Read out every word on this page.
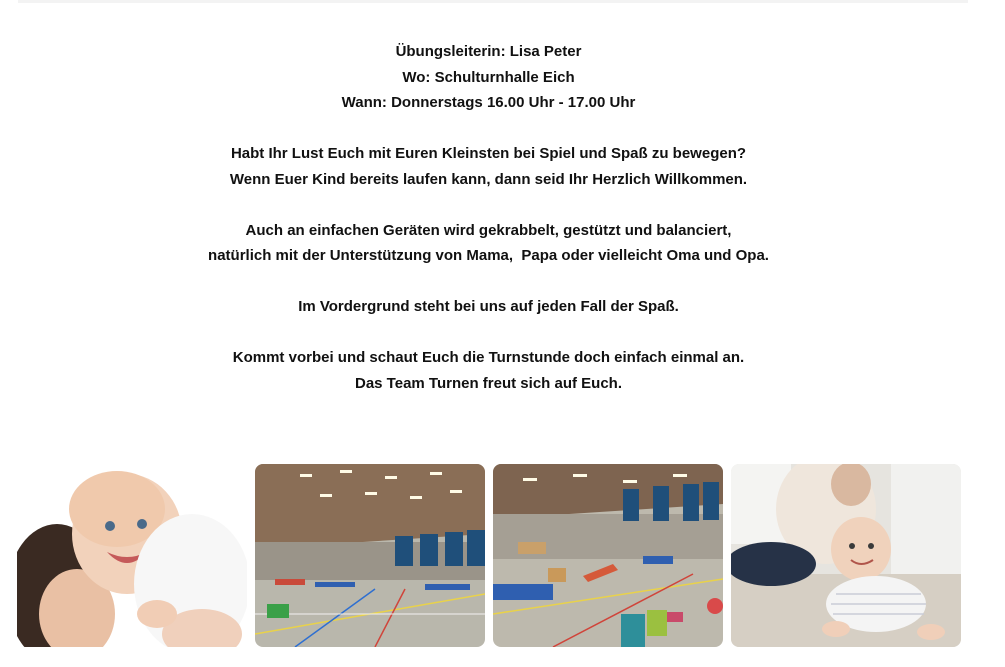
Übungsleiterin: Lisa Peter
Wo: Schulturnhalle Eich
Wann: Donnerstags 16.00 Uhr - 17.00 Uhr
Habt Ihr Lust Euch mit Euren Kleinsten bei Spiel und Spaß zu bewegen?
Wenn Euer Kind bereits laufen kann, dann seid Ihr Herzlich Willkommen.
Auch an einfachen Geräten wird gekrabbelt, gestützt und balanciert,
natürlich mit der Unterstützung von Mama,  Papa oder vielleicht Oma und Opa.
Im Vordergrund steht bei uns auf jeden Fall der Spaß.
Kommt vorbei und schaut Euch die Turnstunde doch einfach einmal an.
Das Team Turnen freut sich auf Euch.
